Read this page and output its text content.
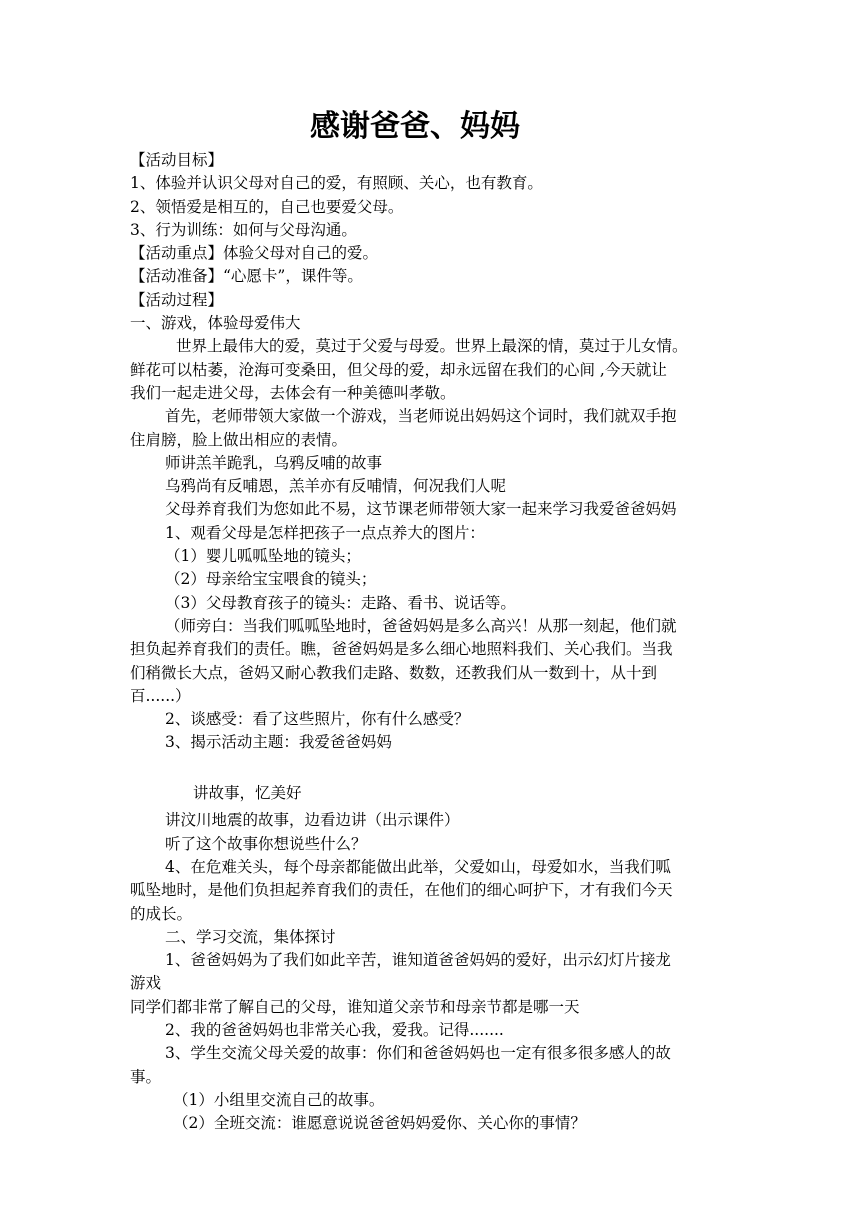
感谢爸爸、妈妈
【活动目标】
1、体验并认识父母对自己的爱，有照顾、关心，也有教育。
2、领悟爱是相互的，自己也要爱父母。
3、行为训练：如何与父母沟通。
【活动重点】体验父母对自己的爱。
【活动准备】“心愿卡”，课件等。
【活动过程】
一、游戏，体验母爱伟大
世界上最伟大的爱，莫过于父爱与母爱。世界上最深的情，莫过于儿女情。
鲜花可以枯萎，沧海可变桑田，但父母的爱，却永远留在我们的心间 ,今天就让
我们一起走进父母，去体会有一种美德叫孝敬。
首先，老师带领大家做一个游戏，当老师说出妈妈这个词时，我们就双手抱
住肩膀，脸上做出相应的表情。
师讲羔羊跪乳，乌鸦反哺的故事
乌鸦尚有反哺恩，羔羊亦有反哺情，何况我们人呢
父母养育我们为您如此不易，这节课老师带领大家一起来学习我爱爸爸妈妈
1、观看父母是怎样把孩子一点点养大的图片：
（1）婴儿呱呱坠地的镜头；
（2）母亲给宝宝喂食的镜头；
（3）父母教育孩子的镜头：走路、看书、说话等。
（师旁白：当我们呱呱坠地时，爸爸妈妈是多么高兴！从那一刻起，他们就
担负起养育我们的责任。瞧，爸爸妈妈是多么细心地照料我们、关心我们。当我
们稍微长大点，爸妈又耐心教我们走路、数数，还教我们从一数到十，从十到
百......）
2、谈感受：看了这些照片，你有什么感受？
3、揭示活动主题：我爱爸爸妈妈
讲故事，忆美好
讲汶川地震的故事，边看边讲（出示课件）
听了这个故事你想说些什么？
4、在危难关头，每个母亲都能做出此举，父爱如山，母爱如水，当我们呱
呱坠地时，是他们负担起养育我们的责任，在他们的细心呵护下，才有我们今天
的成长。
二、学习交流，集体探讨
1、爸爸妈妈为了我们如此辛苦，谁知道爸爸妈妈的爱好，出示幻灯片接龙
游戏
同学们都非常了解自己的父母，谁知道父亲节和母亲节都是哪一天
2、我的爸爸妈妈也非常关心我，爱我。记得.......
3、学生交流父母关爱的故事：你们和爸爸妈妈也一定有很多很多感人的故
事。
（1）小组里交流自己的故事。
（2）全班交流：谁愿意说说爸爸妈妈爱你、关心你的事情？
